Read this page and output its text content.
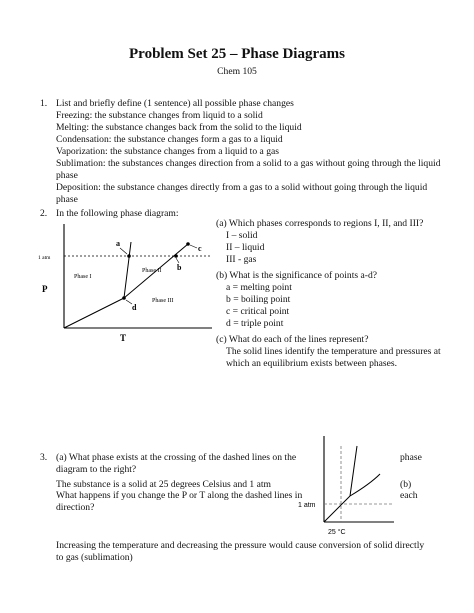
Problem Set 25 – Phase Diagrams
Chem 105
1. List and briefly define (1 sentence) all possible phase changes
Freezing: the substance changes from liquid to a solid
Melting: the substance changes back from the solid to the liquid
Condensation: the substance changes form a gas to a liquid
Vaporization: the substance changes from a liquid to a gas
Sublimation: the substances changes direction from a solid to a gas without going through the liquid
phase
Deposition: the substance changes directly from a gas to a solid without going through the liquid
phase
2. In the following phase diagram:
1 atm
P
T
Phase I
Phase II
Phase III
a
b
c
d
(a) Which phases corresponds to regions I, II, and III?
I – solid
II – liquid
III - gas
(b) What is the significance of points a-d?
a = melting point
b = boiling point
c = critical point
d = triple point
(c) What do each of the lines represent?
The solid lines identify the temperature and pressures at
which an equilibrium exists between phases.
3. (a) What phase exists at the crossing of the dashed lines on the
diagram to the right?
The substance is a solid at 25 degrees Celsius and 1 atm
What happens if you change the P or T along the dashed lines in
direction?
phase
(b)
each
1 atm
25 °C
Increasing the temperature and decreasing the pressure would cause conversion of solid directly
to gas (sublimation)
